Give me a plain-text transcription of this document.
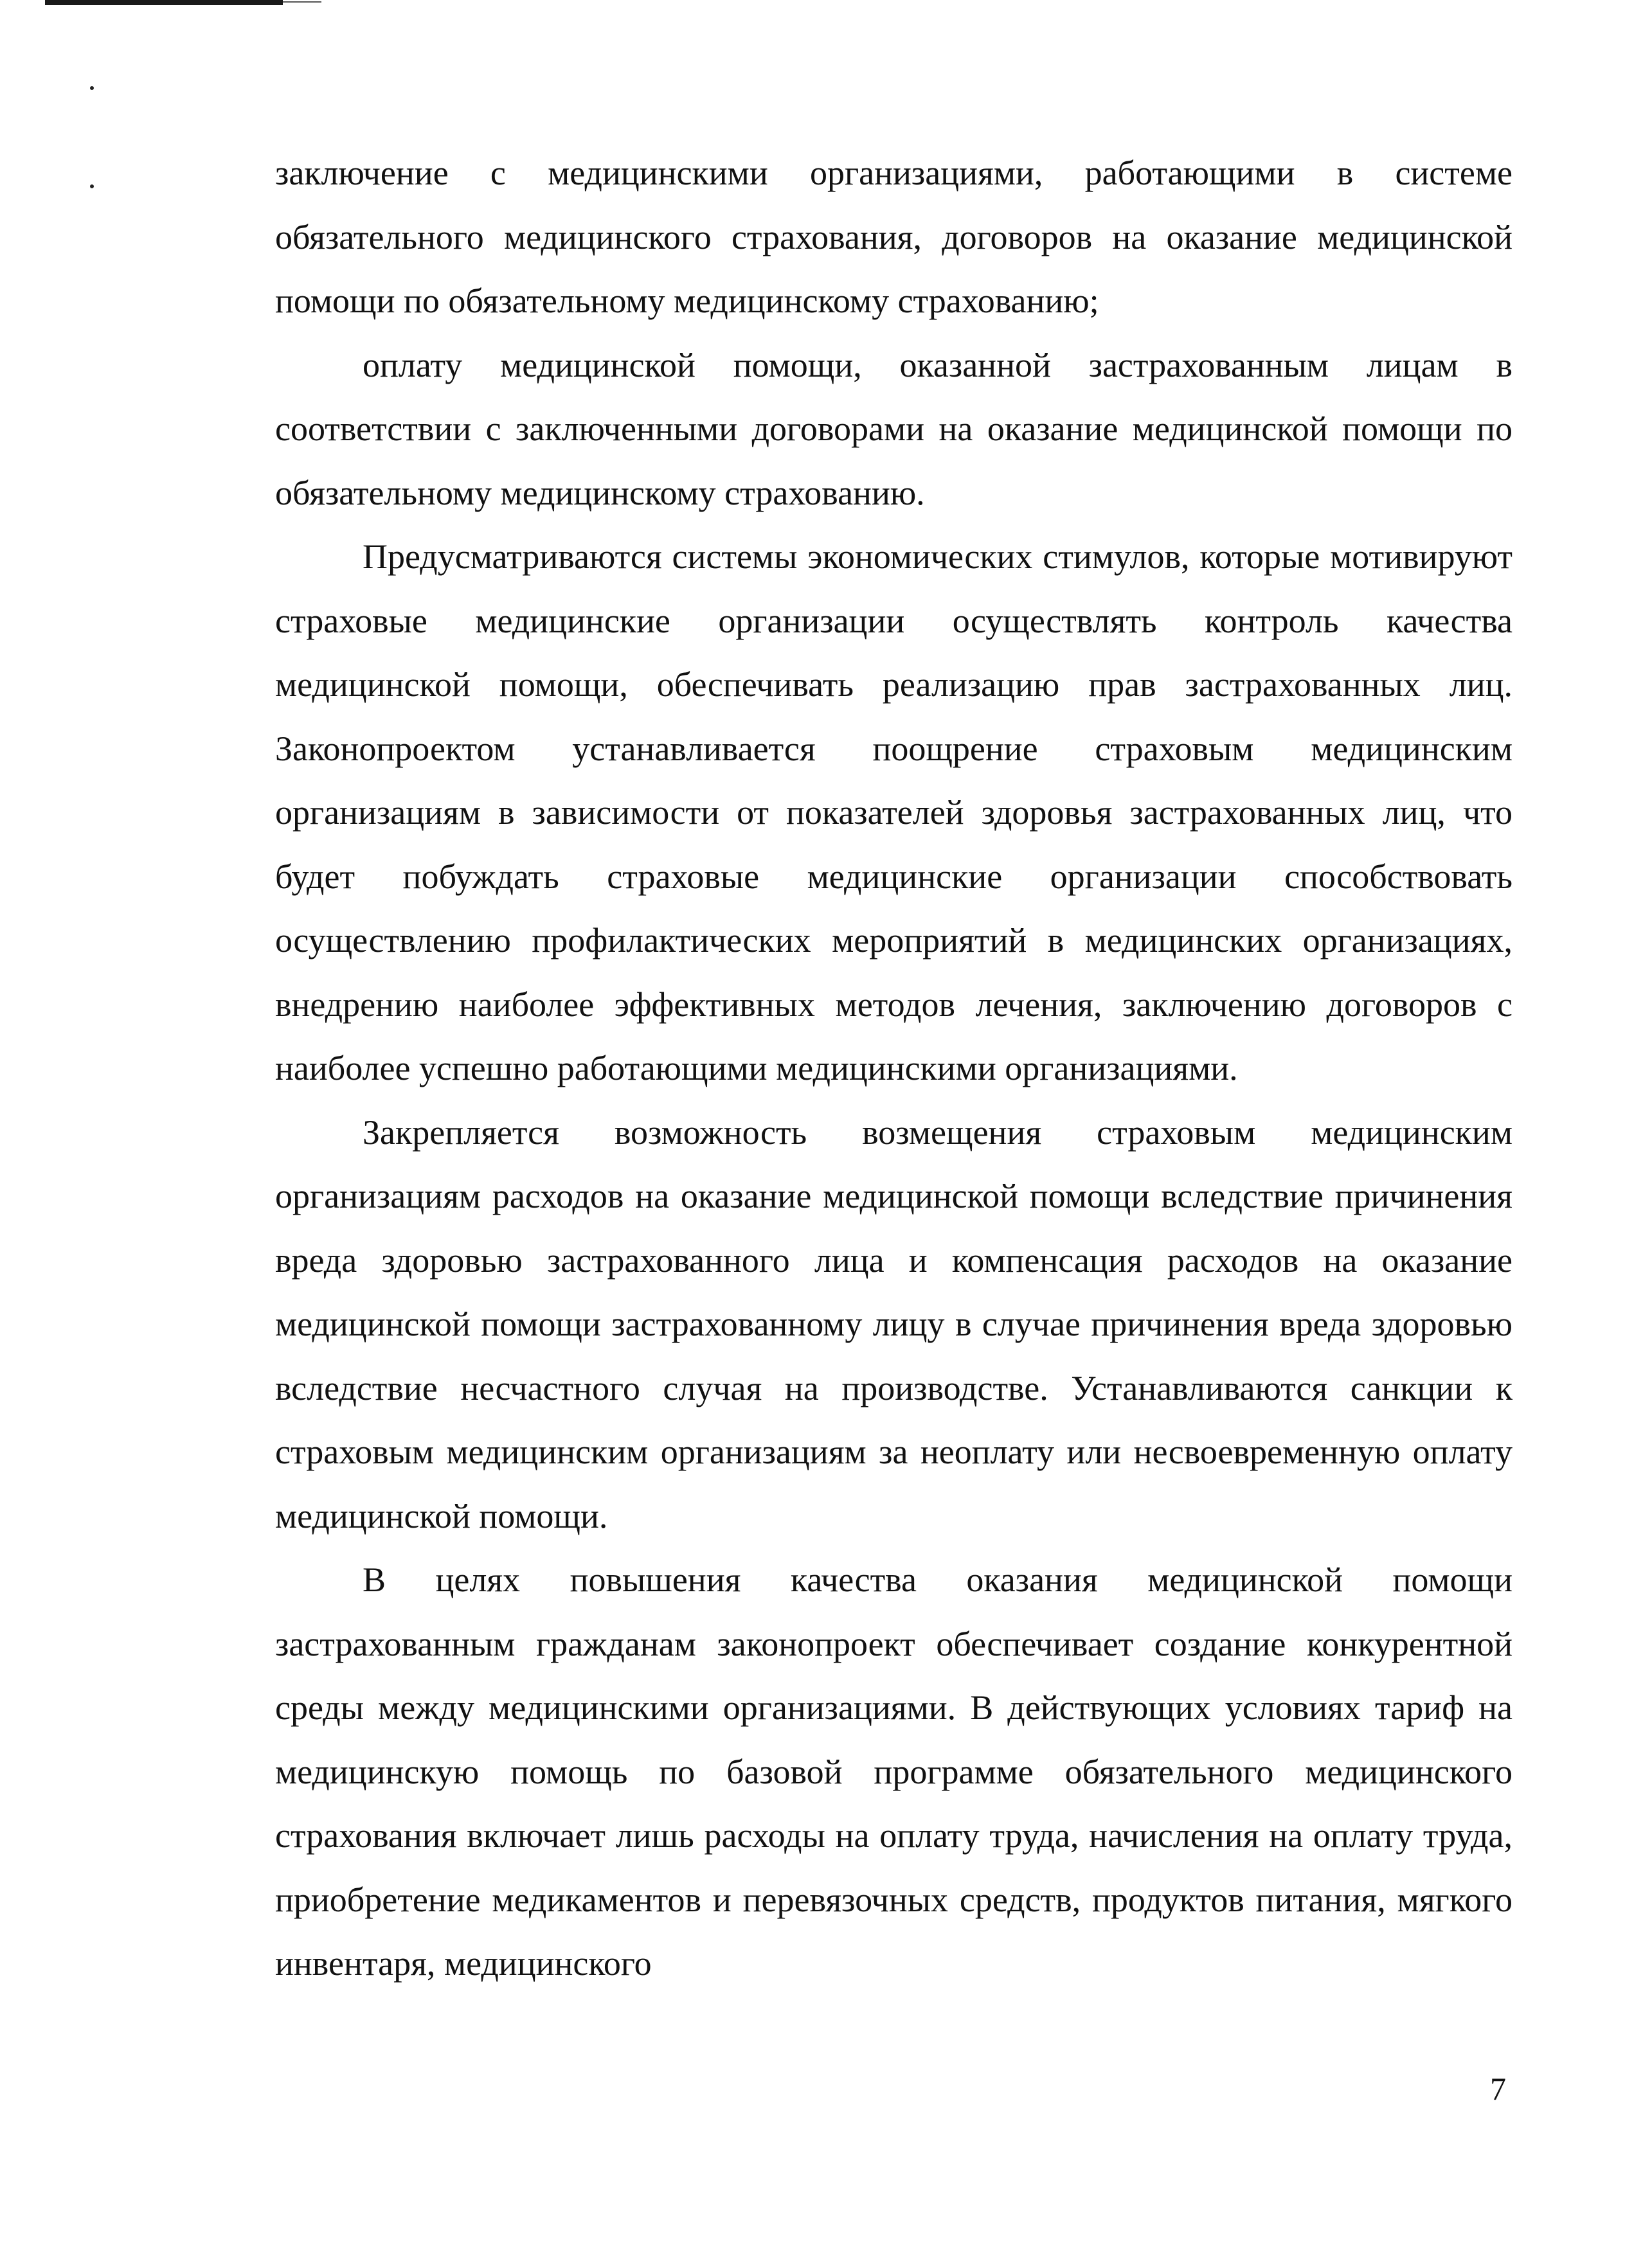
заключение с медицинскими организациями, работающими в системе обязательного медицинского страхования, договоров на оказание медицинской помощи по обязательному медицинскому страхованию;

оплату медицинской помощи, оказанной застрахованным лицам в соответствии с заключенными договорами на оказание медицинской помощи по обязательному медицинскому страхованию.

Предусматриваются системы экономических стимулов, которые мотивируют страховые медицинские организации осуществлять контроль качества медицинской помощи, обеспечивать реализацию прав застрахованных лиц. Законопроектом устанавливается поощрение страховым медицинским организациям в зависимости от показателей здоровья застрахованных лиц, что будет побуждать страховые медицинские организации способствовать осуществлению профилактических мероприятий в медицинских организациях, внедрению наиболее эффективных методов лечения, заключению договоров с наиболее успешно работающими медицинскими организациями.

Закрепляется возможность возмещения страховым медицинским организациям расходов на оказание медицинской помощи вследствие причинения вреда здоровью застрахованного лица и компенсация расходов на оказание медицинской помощи застрахованному лицу в случае причинения вреда здоровью вследствие несчастного случая на производстве. Устанавливаются санкции к страховым медицинским организациям за неоплату или несвоевременную оплату медицинской помощи.

В целях повышения качества оказания медицинской помощи застрахованным гражданам законопроект обеспечивает создание конкурентной среды между медицинскими организациями. В действующих условиях тариф на медицинскую помощь по базовой программе обязательного медицинского страхования включает лишь расходы на оплату труда, начисления на оплату труда, приобретение медикаментов и перевязочных средств, продуктов питания, мягкого инвентаря, медицинского

7
